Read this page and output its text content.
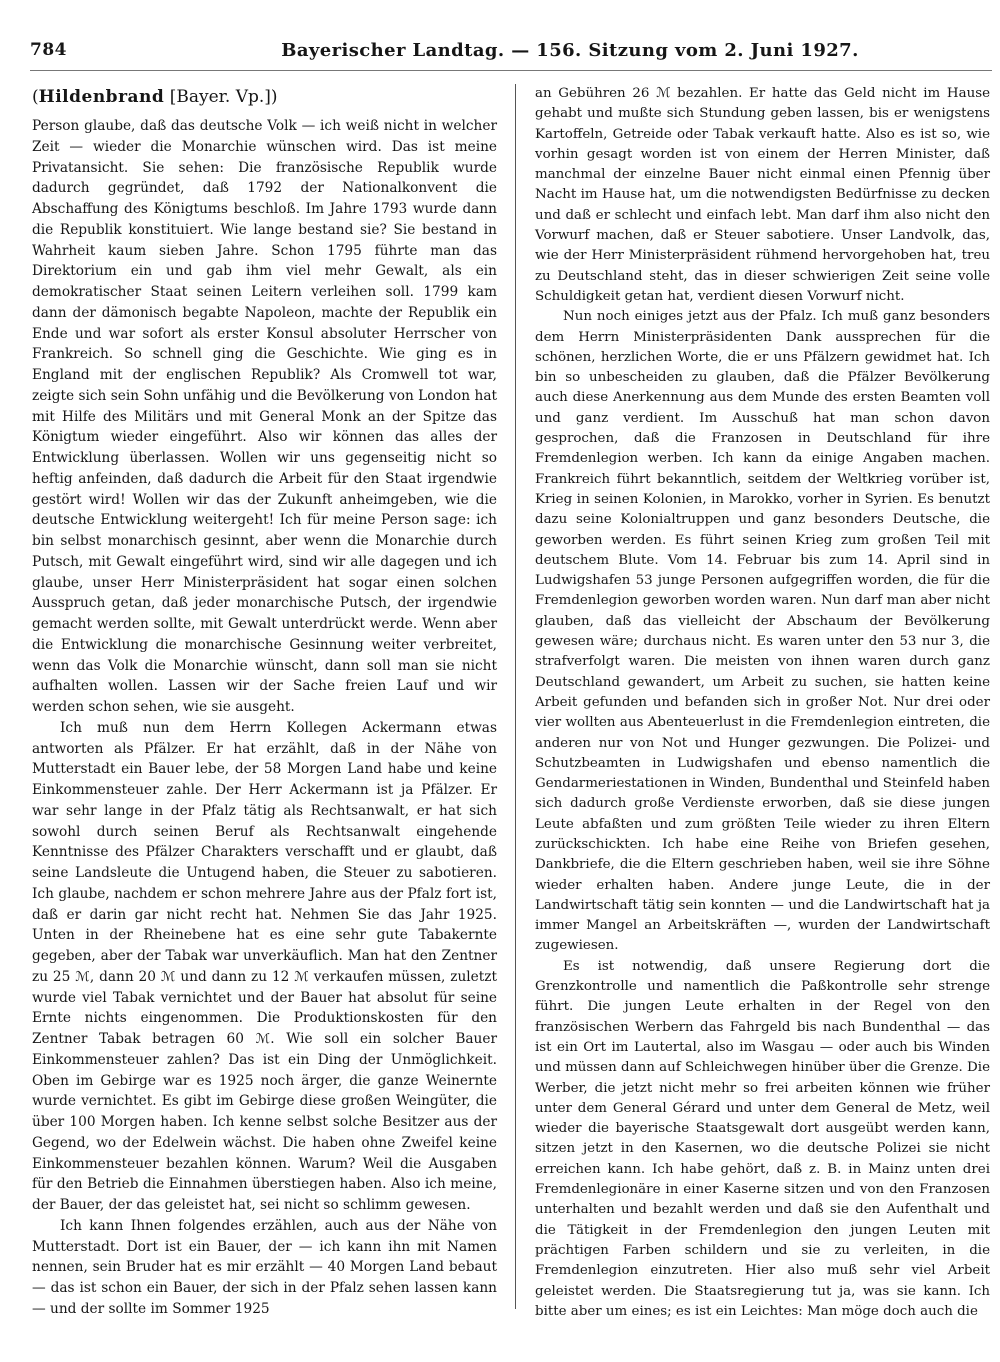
784	Bayerischer Landtag. — 156. Sitzung vom 2. Juni 1927.

(Hildenbrand [Bayer. Vp.])

Person glaube, daß das deutsche Volk — ich weiß nicht in welcher Zeit — wieder die Monarchie wünschen wird. Das ist meine Privatansicht. Sie sehen: Die französische Republik wurde dadurch gegründet, daß 1792 der Nationalkonvent die Abschaffung des Königtums beschloß. Im Jahre 1793 wurde dann die Republik konstituiert. Wie lange bestand sie? Sie bestand in Wahrheit kaum sieben Jahre. Schon 1795 führte man das Direktorium ein und gab ihm viel mehr Gewalt, als ein demokratischer Staat seinen Leitern verleihen soll. 1799 kam dann der dämonisch begabte Napoleon, machte der Republik ein Ende und war sofort als erster Konsul absoluter Herrscher von Frankreich. So schnell ging die Geschichte. Wie ging es in England mit der englischen Republik? Als Cromwell tot war, zeigte sich sein Sohn unfähig und die Bevölkerung von London hat mit Hilfe des Militärs und mit General Monk an der Spitze das Königtum wieder eingeführt. Also wir können das alles der Entwicklung überlassen. Wollen wir uns gegenseitig nicht so heftig anfeinden, daß dadurch die Arbeit für den Staat irgendwie gestört wird! Wollen wir das der Zukunft anheimgeben, wie die deutsche Entwicklung weitergeht! Ich für meine Person sage: ich bin selbst monarchisch gesinnt, aber wenn die Monarchie durch Putsch, mit Gewalt eingeführt wird, sind wir alle dagegen und ich glaube, unser Herr Ministerpräsident hat sogar einen solchen Ausspruch getan, daß jeder monarchische Putsch, der irgendwie gemacht werden sollte, mit Gewalt unterdrückt werde. Wenn aber die Entwicklung die monarchische Gesinnung weiter verbreitet, wenn das Volk die Monarchie wünscht, dann soll man sie nicht aufhalten wollen. Lassen wir der Sache freien Lauf und wir werden schon sehen, wie sie ausgeht.

Ich muß nun dem Herrn Kollegen Ackermann etwas antworten als Pfälzer. Er hat erzählt, daß in der Nähe von Mutterstadt ein Bauer lebe, der 58 Morgen Land habe und keine Einkommensteuer zahle. Der Herr Ackermann ist ja Pfälzer. Er war sehr lange in der Pfalz tätig als Rechtsanwalt, er hat sich sowohl durch seinen Beruf als Rechtsanwalt eingehende Kenntnisse des Pfälzer Charakters verschafft und er glaubt, daß seine Landsleute die Untugend haben, die Steuer zu sabotieren. Ich glaube, nachdem er schon mehrere Jahre aus der Pfalz fort ist, daß er darin gar nicht recht hat. Nehmen Sie das Jahr 1925. Unten in der Rheinebene hat es eine sehr gute Tabakernte gegeben, aber der Tabak war unverkäuflich. Man hat den Zentner zu 25 ℳ, dann 20 ℳ und dann zu 12 ℳ verkaufen müssen, zuletzt wurde viel Tabak vernichtet und der Bauer hat absolut für seine Ernte nichts eingenommen. Die Produktionskosten für den Zentner Tabak betragen 60 ℳ. Wie soll ein solcher Bauer Einkommensteuer zahlen? Das ist ein Ding der Unmöglichkeit. Oben im Gebirge war es 1925 noch ärger, die ganze Weinernte wurde vernichtet. Es gibt im Gebirge diese großen Weingüter, die über 100 Morgen haben. Ich kenne selbst solche Besitzer aus der Gegend, wo der Edelwein wächst. Die haben ohne Zweifel keine Einkommensteuer bezahlen können. Warum? Weil die Ausgaben für den Betrieb die Einnahmen überstiegen haben. Also ich meine, der Bauer, der das geleistet hat, sei nicht so schlimm gewesen.

Ich kann Ihnen folgendes erzählen, auch aus der Nähe von Mutterstadt. Dort ist ein Bauer, der — ich kann ihn mit Namen nennen, sein Bruder hat es mir erzählt — 40 Morgen Land bebaut — das ist schon ein Bauer, der sich in der Pfalz sehen lassen kann — und der sollte im Sommer 1925

an Gebühren 26 ℳ bezahlen. Er hatte das Geld nicht im Hause gehabt und mußte sich Stundung geben lassen, bis er wenigstens Kartoffeln, Getreide oder Tabak verkauft hatte. Also es ist so, wie vorhin gesagt worden ist von einem der Herren Minister, daß manchmal der einzelne Bauer nicht einmal einen Pfennig über Nacht im Hause hat, um die notwendigsten Bedürfnisse zu decken und daß er schlecht und einfach lebt. Man darf ihm also nicht den Vorwurf machen, daß er Steuer sabotiere. Unser Landvolk, das, wie der Herr Ministerpräsident rühmend hervorgehoben hat, treu zu Deutschland steht, das in dieser schwierigen Zeit seine volle Schuldigkeit getan hat, verdient diesen Vorwurf nicht.

Nun noch einiges jetzt aus der Pfalz. Ich muß ganz besonders dem Herrn Ministerpräsidenten Dank aussprechen für die schönen, herzlichen Worte, die er uns Pfälzern gewidmet hat. Ich bin so unbescheiden zu glauben, daß die Pfälzer Bevölkerung auch diese Anerkennung aus dem Munde des ersten Beamten voll und ganz verdient. Im Ausschuß hat man schon davon gesprochen, daß die Franzosen in Deutschland für ihre Fremdenlegion werben. Ich kann da einige Angaben machen. Frankreich führt bekanntlich, seitdem der Weltkrieg vorüber ist, Krieg in seinen Kolonien, in Marokko, vorher in Syrien. Es benutzt dazu seine Kolonialtruppen und ganz besonders Deutsche, die geworben werden. Es führt seinen Krieg zum großen Teil mit deutschem Blute. Vom 14. Februar bis zum 14. April sind in Ludwigshafen 53 junge Personen aufgegriffen worden, die für die Fremdenlegion geworben worden waren. Nun darf man aber nicht glauben, daß das vielleicht der Abschaum der Bevölkerung gewesen wäre; durchaus nicht. Es waren unter den 53 nur 3, die strafverfolgt waren. Die meisten von ihnen waren durch ganz Deutschland gewandert, um Arbeit zu suchen, sie hatten keine Arbeit gefunden und befanden sich in großer Not. Nur drei oder vier wollten aus Abenteuerlust in die Fremdenlegion eintreten, die anderen nur von Not und Hunger gezwungen. Die Polizei- und Schutzbeamten in Ludwigshafen und ebenso namentlich die Gendarmeriestationen in Winden, Bundenthal und Steinfeld haben sich dadurch große Verdienste erworben, daß sie diese jungen Leute abfaßten und zum größten Teile wieder zu ihren Eltern zurückschickten. Ich habe eine Reihe von Briefen gesehen, Dankbriefe, die die Eltern geschrieben haben, weil sie ihre Söhne wieder erhalten haben. Andere junge Leute, die in der Landwirtschaft tätig sein konnten — und die Landwirtschaft hat ja immer Mangel an Arbeitskräften —, wurden der Landwirtschaft zugewiesen.

Es ist notwendig, daß unsere Regierung dort die Grenzkontrolle und namentlich die Paßkontrolle sehr strenge führt. Die jungen Leute erhalten in der Regel von den französischen Werbern das Fahrgeld bis nach Bundenthal — das ist ein Ort im Lautertal, also im Wasgau — oder auch bis Winden und müssen dann auf Schleichwegen hinüber über die Grenze. Die Werber, die jetzt nicht mehr so frei arbeiten können wie früher unter dem General Gérard und unter dem General de Metz, weil wieder die bayerische Staatsgewalt dort ausgeübt werden kann, sitzen jetzt in den Kasernen, wo die deutsche Polizei sie nicht erreichen kann. Ich habe gehört, daß z. B. in Mainz unten drei Fremdenlegionäre in einer Kaserne sitzen und von den Franzosen unterhalten und bezahlt werden und daß sie den Aufenthalt und die Tätigkeit in der Fremdenlegion den jungen Leuten mit prächtigen Farben schildern und sie zu verleiten, in die Fremdenlegion einzutreten. Hier also muß sehr viel Arbeit geleistet werden. Die Staatsregierung tut ja, was sie kann. Ich bitte aber um eines; es ist ein Leichtes: Man möge doch auch die
